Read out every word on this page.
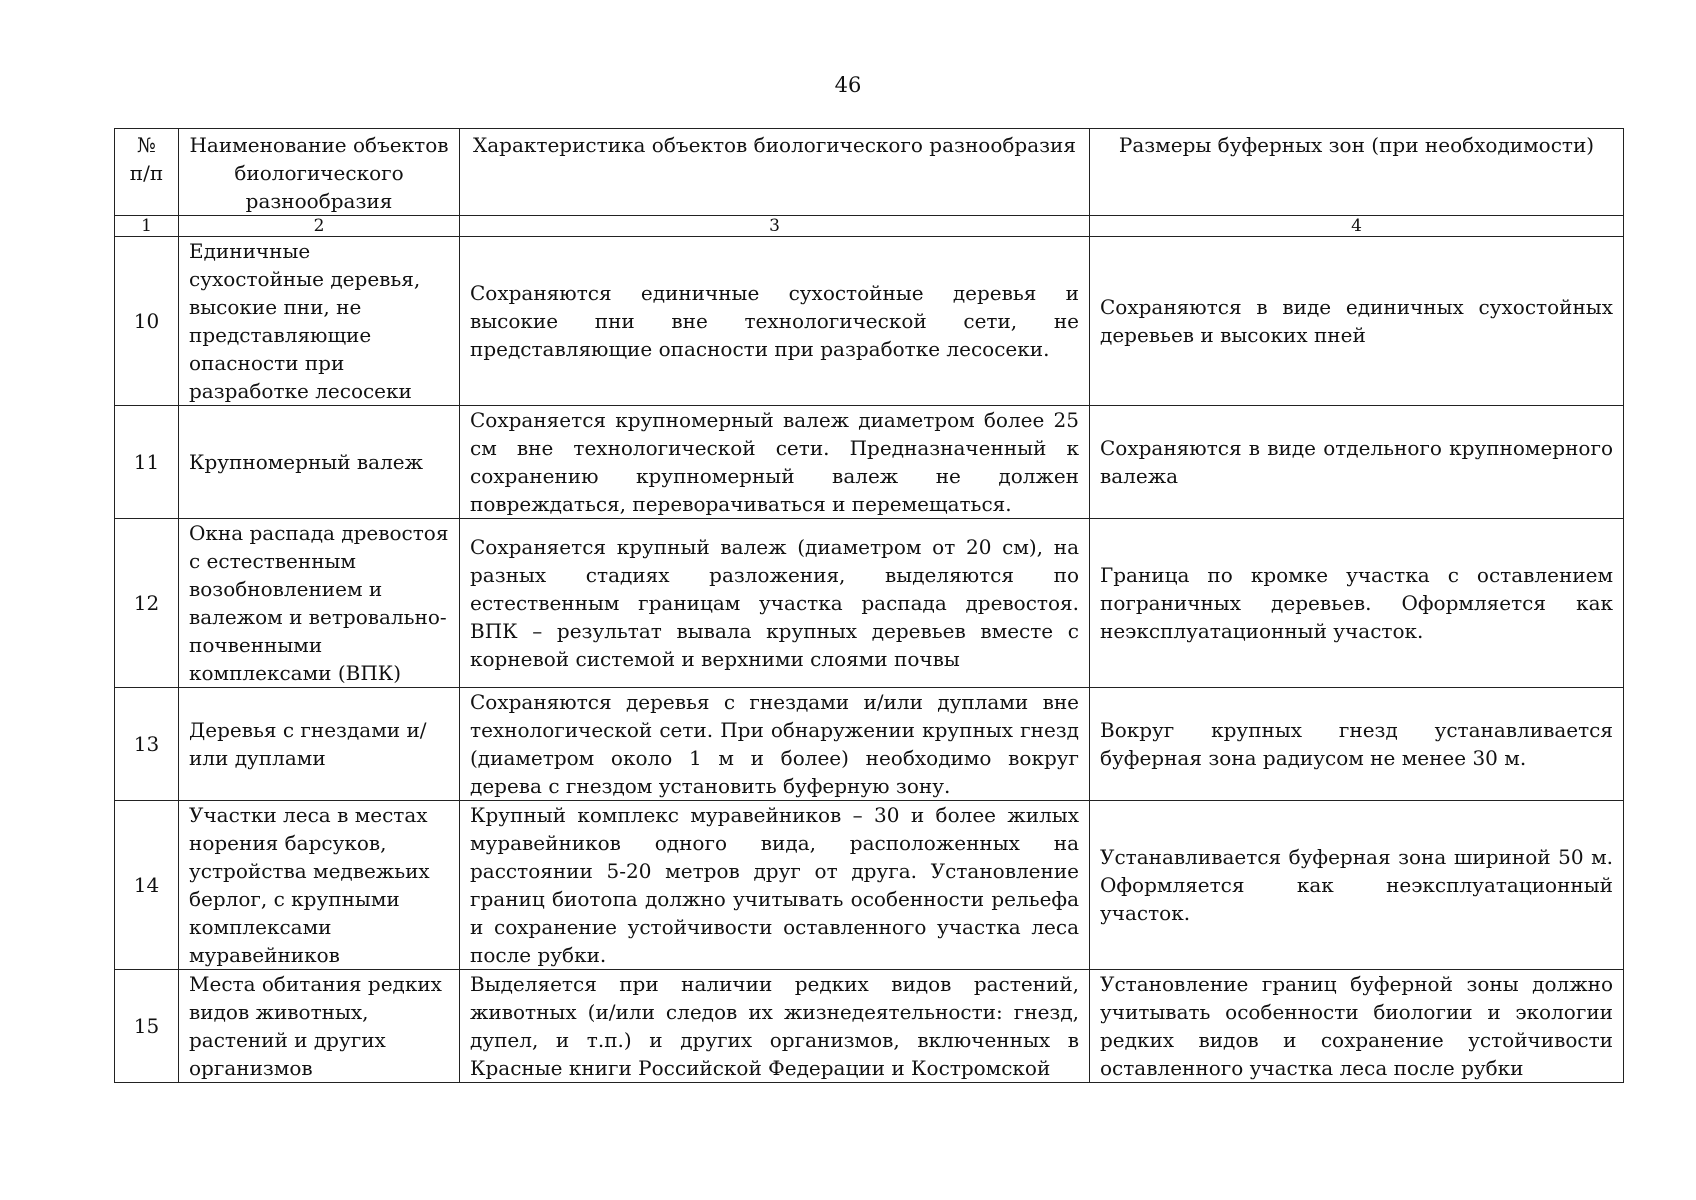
46
№ п/п	Наименование объектов биологического разнообразия	Характеристика объектов биологического разнообразия	Размеры буферных зон (при необходимости)
1	2	3	4
10	Единичные сухостойные деревья, высокие пни, не представляющие опасности при разработке лесосеки	Сохраняются единичные сухостойные деревья и высокие пни вне технологической сети, не представляющие опасности при разработке лесосеки.	Сохраняются в виде единичных сухостойных деревьев и высоких пней
11	Крупномерный валеж	Сохраняется крупномерный валеж диаметром более 25 см вне технологической сети. Предназначенный к сохранению крупномерный валеж не должен повреждаться, переворачиваться и перемещаться.	Сохраняются в виде отдельного крупномерного валежа
12	Окна распада древостоя с естественным возобновлением и валежом и ветровально-почвенными комплексами (ВПК)	Сохраняется крупный валеж (диаметром от 20 см), на разных стадиях разложения, выделяются по естественным границам участка распада древостоя. ВПК – результат вывала крупных деревьев вместе с корневой системой и верхними слоями почвы	Граница по кромке участка с оставлением пограничных деревьев. Оформляется как неэксплуатационный участок.
13	Деревья с гнездами и/или дуплами	Сохраняются деревья с гнездами и/или дуплами вне технологической сети. При обнаружении крупных гнезд (диаметром около 1 м и более) необходимо вокруг дерева с гнездом установить буферную зону.	Вокруг крупных гнезд устанавливается буферная зона радиусом не менее 30 м.
14	Участки леса в местах норения барсуков, устройства медвежьих берлог, с крупными комплексами муравейников	Крупный комплекс муравейников – 30 и более жилых муравейников одного вида, расположенных на расстоянии 5-20 метров друг от друга. Установление границ биотопа должно учитывать особенности рельефа и сохранение устойчивости оставленного участка леса после рубки.	Устанавливается буферная зона шириной 50 м. Оформляется как неэксплуатационный участок.
15	Места обитания редких видов животных, растений и других организмов	Выделяется при наличии редких видов растений, животных (и/или следов их жизнедеятельности: гнезд, дупел, и т.п.) и других организмов, включенных в Красные книги Российской Федерации и Костромской	Установление границ буферной зоны должно учитывать особенности биологии и экологии редких видов и сохранение устойчивости оставленного участка леса после рубки
